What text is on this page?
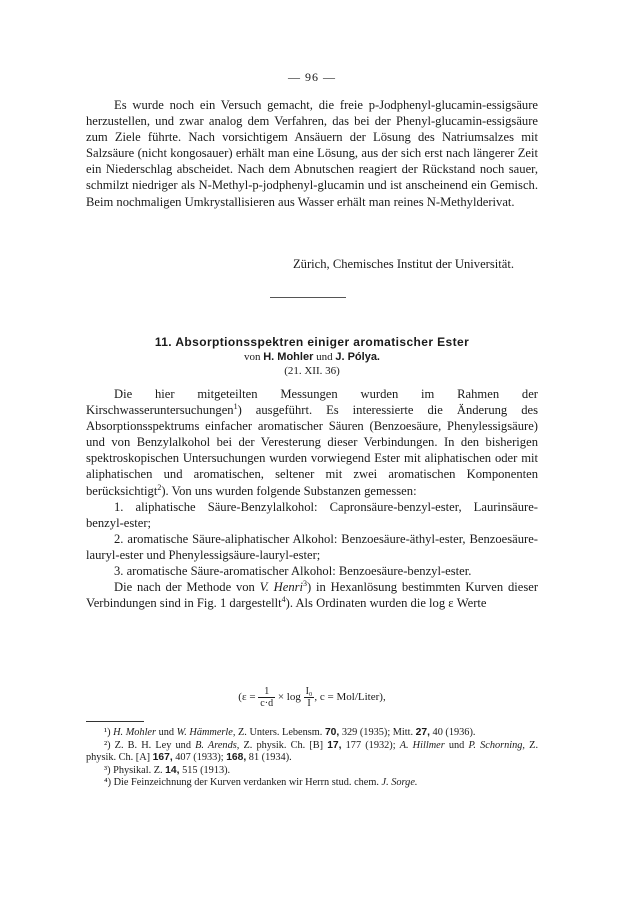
— 96 —

Es wurde noch ein Versuch gemacht, die freie p-Jodphenyl-glucamin-essigsäure herzustellen, und zwar analog dem Verfahren, das bei der Phenyl-glucamin-essigsäure zum Ziele führte. Nach vorsichtigem Ansäuern der Lösung des Natriumsalzes mit Salzsäure (nicht kongosauer) erhält man eine Lösung, aus der sich erst nach längerer Zeit ein Niederschlag abscheidet. Nach dem Abnutschen reagiert der Rückstand noch sauer, schmilzt niedriger als N-Methyl-p-jodphenyl-glucamin und ist anscheinend ein Gemisch. Beim nochmaligen Umkrystallisieren aus Wasser erhält man reines N-Methylderivat.

Zürich, Chemisches Institut der Universität.

11. Absorptionsspektren einiger aromatischer Ester

von H. Mohler und J. Pólya.

(21. XII. 36)

Die hier mitgeteilten Messungen wurden im Rahmen der Kirschwasseruntersuchungen$^1$) ausgeführt. Es interessierte die Änderung des Absorptionsspektrums einfacher aromatischer Säuren (Benzoesäure, Phenylessigsäure) und von Benzylalkohol bei der Veresterung dieser Verbindungen. In den bisherigen spektroskopischen Untersuchungen wurden vorwiegend Ester mit aliphatischen oder mit aliphatischen und aromatischen, seltener mit zwei aromatischen Komponenten berücksichtigt$^2$). Von uns wurden folgende Substanzen gemessen:

1. aliphatische Säure-Benzylalkohol: Capronsäure-benzyl-ester, Laurinsäure-benzyl-ester;

2. aromatische Säure-aliphatischer Alkohol: Benzoesäure-äthyl-ester, Benzoesäure-lauryl-ester und Phenylessigsäure-lauryl-ester;

3. aromatische Säure-aromatischer Alkohol: Benzoesäure-benzyl-ester.

Die nach der Methode von V. Henri$^3$) in Hexanlösung bestimmten Kurven dieser Verbindungen sind in Fig. 1 dargestellt$^4$). Als Ordinaten wurden die log ε Werte

($\varepsilon = \frac{1}{c\cdot d} \times \log \frac{\text{I₀}}{I}$ , c = Mol/Liter),

¹) H. Mohler und W. Hämmerle, Z. Unters. Lebensm. 70, 329 (1935); Mitt. 27, 40 (1936).

²) Z. B. H. Ley und B. Arends, Z. physik. Ch. [B] 17, 177 (1932); A. Hillmer und P. Schorning, Z. physik. Ch. [A] 167, 407 (1933); 168, 81 (1934).

³) Physikal. Z. 14, 515 (1913).

⁴) Die Feinzeichnung der Kurven verdanken wir Herrn stud. chem. J. Sorge.
